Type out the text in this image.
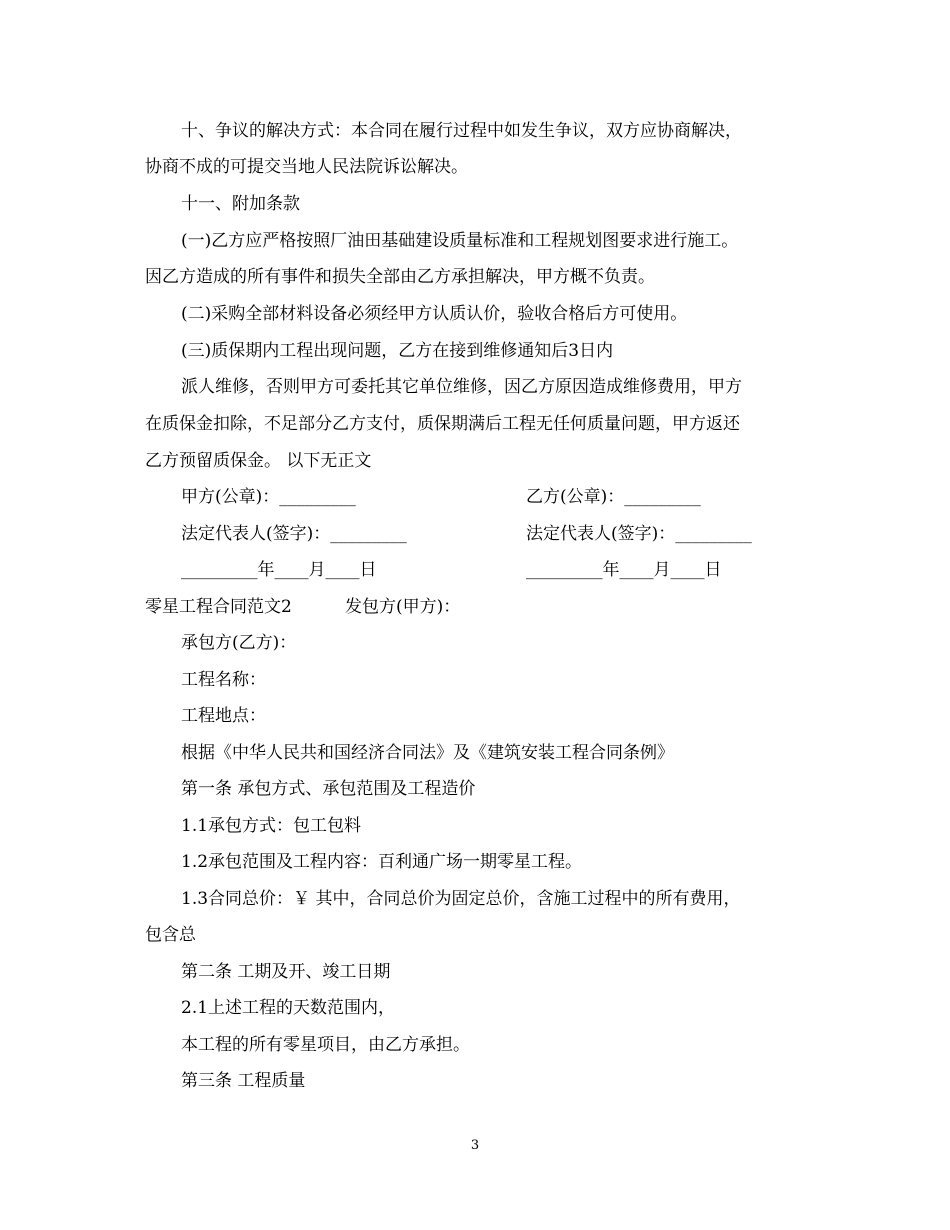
十、争议的解决方式：本合同在履行过程中如发生争议，双方应协商解决，
协商不成的可提交当地人民法院诉讼解决。
十一、附加条款
(一)乙方应严格按照厂油田基础建设质量标准和工程规划图要求进行施工。
因乙方造成的所有事件和损失全部由乙方承担解决，甲方概不负责。
(二)采购全部材料设备必须经甲方认质认价，验收合格后方可使用。
(三)质保期内工程出现问题，乙方在接到维修通知后3日内
派人维修，否则甲方可委托其它单位维修，因乙方原因造成维修费用，甲方
在质保金扣除，不足部分乙方支付，质保期满后工程无任何质量问题，甲方返还
乙方预留质保金。 以下无正文
甲方(公章)：_________	乙方(公章)：_________
法定代表人(签字)：_________	法定代表人(签字)：_________
_________年____月____日	_________年____月____日
零星工程合同范文2	发包方(甲方)：
承包方(乙方)：
工程名称：
工程地点：
根据《中华人民共和国经济合同法》及《建筑安装工程合同条例》
第一条 承包方式、承包范围及工程造价
1.1承包方式：包工包料
1.2承包范围及工程内容：百利通广场一期零星工程。
1.3合同总价：￥ 其中，合同总价为固定总价，含施工过程中的所有费用，
包含总
第二条 工期及开、竣工日期
2.1上述工程的天数范围内，
本工程的所有零星项目，由乙方承担。
第三条 工程质量
3
